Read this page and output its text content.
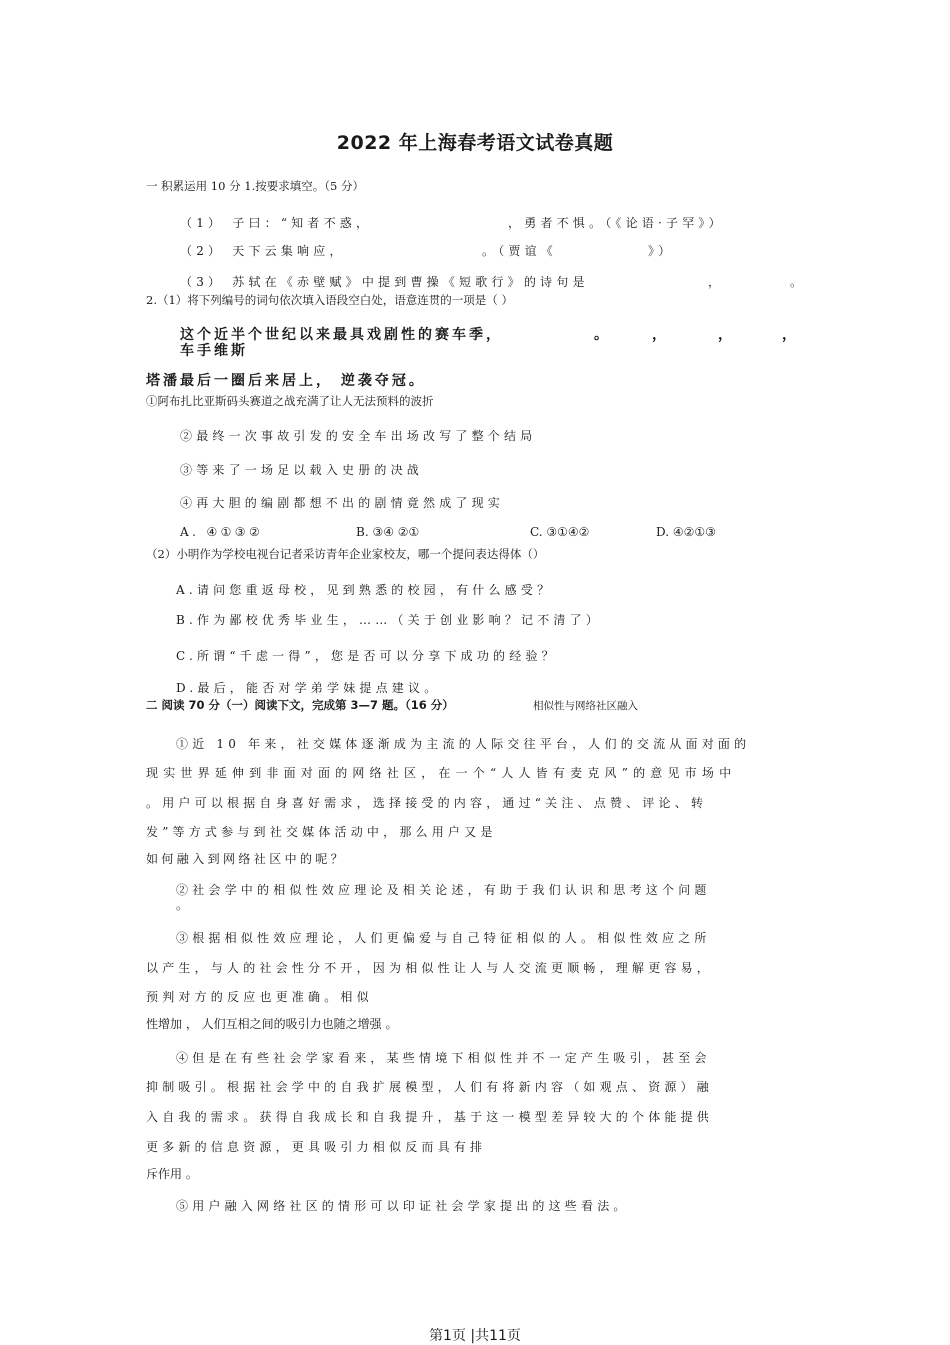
2022 年上海春考语文试卷真题
一 积累运用 10 分 1.按要求填空。（5 分）
（1） 子曰：“知者不惑，	，勇者不惧。（《论语·子罕》）
（2） 天下云集响应，	。（贾谊《	》）
（3） 苏轼在《赤壁赋》中提到曹操《短歌行》的诗句是	，	。
2.（1）将下列编号的词句依次填入语段空白处，语意连贯的一项是（ ）
这个近半个世纪以来最具戏剧性的赛车季，	。	，	，	，
车手维斯
塔潘最后一圈后来居上， 逆袭夺冠。
①阿布扎比亚斯码头赛道之战充满了让人无法预料的波折
②最终一次事故引发的安全车出场改写了整个结局
③等来了一场足以载入史册的决战
④再大胆的编剧都想不出的剧情竟然成了现实
A. ④①③②	B. ③④ ②①	C. ③①④②	D. ④②①③
（2）小明作为学校电视台记者采访青年企业家校友，哪一个提问表达得体（）
A.请问您重返母校，见到熟悉的校园，有什么感受？
B.作为鄙校优秀毕业生，……（关于创业影响？记不清了）
C.所谓“千虑一得”，您是否可以分享下成功的经验？
D.最后，能否对学弟学妹提点建议。
二 阅读 70 分（一）阅读下文，完成第 3—7 题。（16 分）	相似性与网络社区融入
①近 10 年来，社交媒体逐渐成为主流的人际交往平台，人们的交流从面对面的
现实世界延伸到非面对面的网络社区，在一个“人人皆有麦克风”的意见市场中
。用户可以根据自身喜好需求，选择接受的内容，通过“关注、点赞、评论、转
发”等方式参与到社交媒体活动中，那么用户又是
如何融入到网络社区中的呢？
②社会学中的相似性效应理论及相关论述，有助于我们认识和思考这个问题
。
③根据相似性效应理论，人们更偏爱与自己特征相似的人。相似性效应之所
以产生，与人的社会性分不开，因为相似性让人与人交流更顺畅，理解更容易，
预判对方的反应也更准确。相似
性增加 ， 人们互相之间的吸引力也随之增强 。
④但是在有些社会学家看来，某些情境下相似性并不一定产生吸引，甚至会
抑制吸引。根据社会学中的自我扩展模型，人们有将新内容（如观点、资源）融
入自我的需求。获得自我成长和自我提升，基于这一模型差异较大的个体能提供
更多新的信息资源，更具吸引力相似反而具有排
斥作用 。
⑤用户融入网络社区的情形可以印证社会学家提出的这些看法。
第1页 |共11页
